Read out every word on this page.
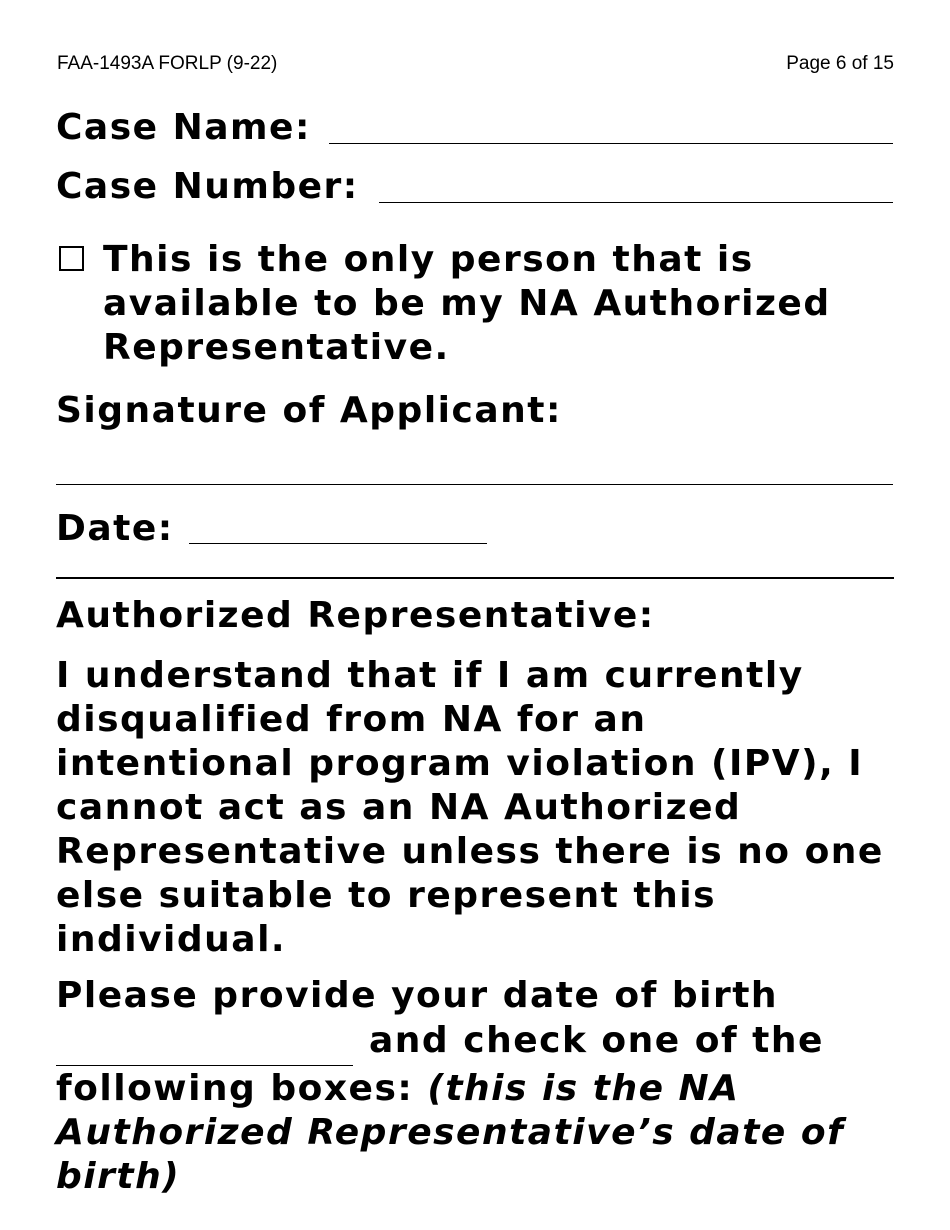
FAA-1493A FORLP (9-22)	Page 6 of 15
Case Name:
Case Number:
This is the only person that is available to be my NA Authorized Representative.
Signature of Applicant:
Date:
Authorized Representative:
I understand that if I am currently disqualified from NA for an intentional program violation (IPV), I cannot act as an NA Authorized Representative unless there is no one else suitable to represent this individual.
Please provide your date of birth
and check one of the
following boxes: (this is the NA Authorized Representative’s date of birth)
